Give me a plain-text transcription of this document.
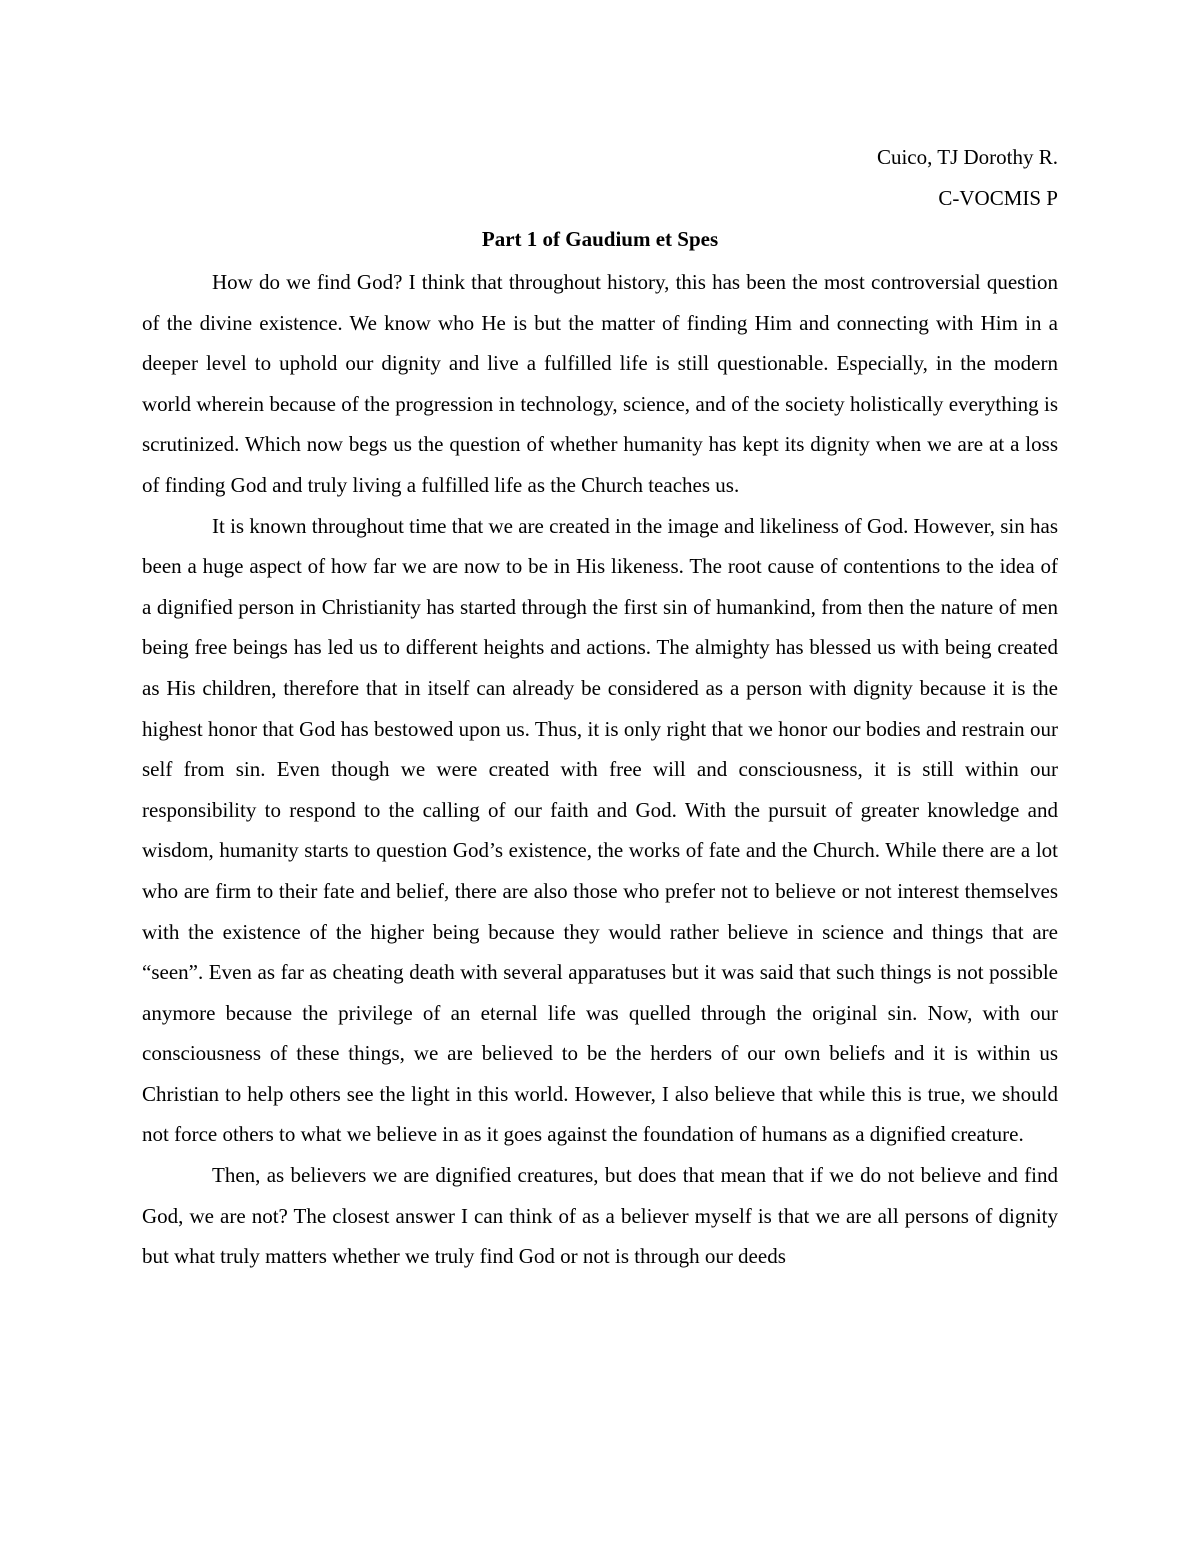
Cuico, TJ Dorothy R.
C-VOCMIS P
Part 1 of Gaudium et Spes

How do we find God? I think that throughout history, this has been the most controversial question of the divine existence. We know who He is but the matter of finding Him and connecting with Him in a deeper level to uphold our dignity and live a fulfilled life is still questionable. Especially, in the modern world wherein because of the progression in technology, science, and of the society holistically everything is scrutinized. Which now begs us the question of whether humanity has kept its dignity when we are at a loss of finding God and truly living a fulfilled life as the Church teaches us.

It is known throughout time that we are created in the image and likeliness of God. However, sin has been a huge aspect of how far we are now to be in His likeness. The root cause of contentions to the idea of a dignified person in Christianity has started through the first sin of humankind, from then the nature of men being free beings has led us to different heights and actions. The almighty has blessed us with being created as His children, therefore that in itself can already be considered as a person with dignity because it is the highest honor that God has bestowed upon us. Thus, it is only right that we honor our bodies and restrain our self from sin. Even though we were created with free will and consciousness, it is still within our responsibility to respond to the calling of our faith and God. With the pursuit of greater knowledge and wisdom, humanity starts to question God’s existence, the works of fate and the Church. While there are a lot who are firm to their fate and belief, there are also those who prefer not to believe or not interest themselves with the existence of the higher being because they would rather believe in science and things that are “seen”. Even as far as cheating death with several apparatuses but it was said that such things is not possible anymore because the privilege of an eternal life was quelled through the original sin. Now, with our consciousness of these things, we are believed to be the herders of our own beliefs and it is within us Christian to help others see the light in this world. However, I also believe that while this is true, we should not force others to what we believe in as it goes against the foundation of humans as a dignified creature.

Then, as believers we are dignified creatures, but does that mean that if we do not believe and find God, we are not? The closest answer I can think of as a believer myself is that we are all persons of dignity but what truly matters whether we truly find God or not is through our deeds
